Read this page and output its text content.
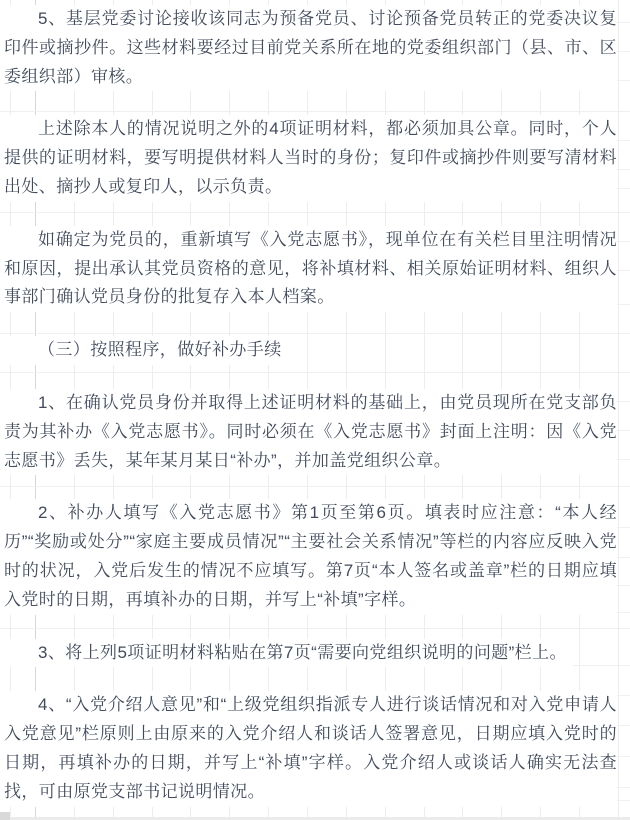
5、基层党委讨论接收该同志为预备党员、讨论预备党员转正的党委决议复印件或摘抄件。这些材料要经过目前党关系所在地的党委组织部门（县、市、区委组织部）审核。

上述除本人的情况说明之外的4项证明材料，都必须加具公章。同时，个人提供的证明材料，要写明提供材料人当时的身份；复印件或摘抄件则要写清材料出处、摘抄人或复印人，以示负责。

如确定为党员的，重新填写《入党志愿书》，现单位在有关栏目里注明情况和原因，提出承认其党员资格的意见，将补填材料、相关原始证明材料、组织人事部门确认党员身份的批复存入本人档案。

（三）按照程序，做好补办手续

1、在确认党员身份并取得上述证明材料的基础上，由党员现所在党支部负责为其补办《入党志愿书》。同时必须在《入党志愿书》封面上注明：因《入党志愿书》丢失，某年某月某日“补办”，并加盖党组织公章。

2、补办人填写《入党志愿书》第1页至第6页。填表时应注意：“本人经历”“奖励或处分”“家庭主要成员情况”“主要社会关系情况”等栏的内容应反映入党时的状况，入党后发生的情况不应填写。第7页“本人签名或盖章”栏的日期应填入党时的日期，再填补办的日期，并写上“补填”字样。

3、将上列5项证明材料粘贴在第7页“需要向党组织说明的问题”栏上。

4、“入党介绍人意见”和“上级党组织指派专人进行谈话情况和对入党申请人入党意见”栏原则上由原来的入党介绍人和谈话人签署意见，日期应填入党时的日期，再填补办的日期，并写上“补填”字样。入党介绍人或谈话人确实无法查找，可由原党支部书记说明情况。
